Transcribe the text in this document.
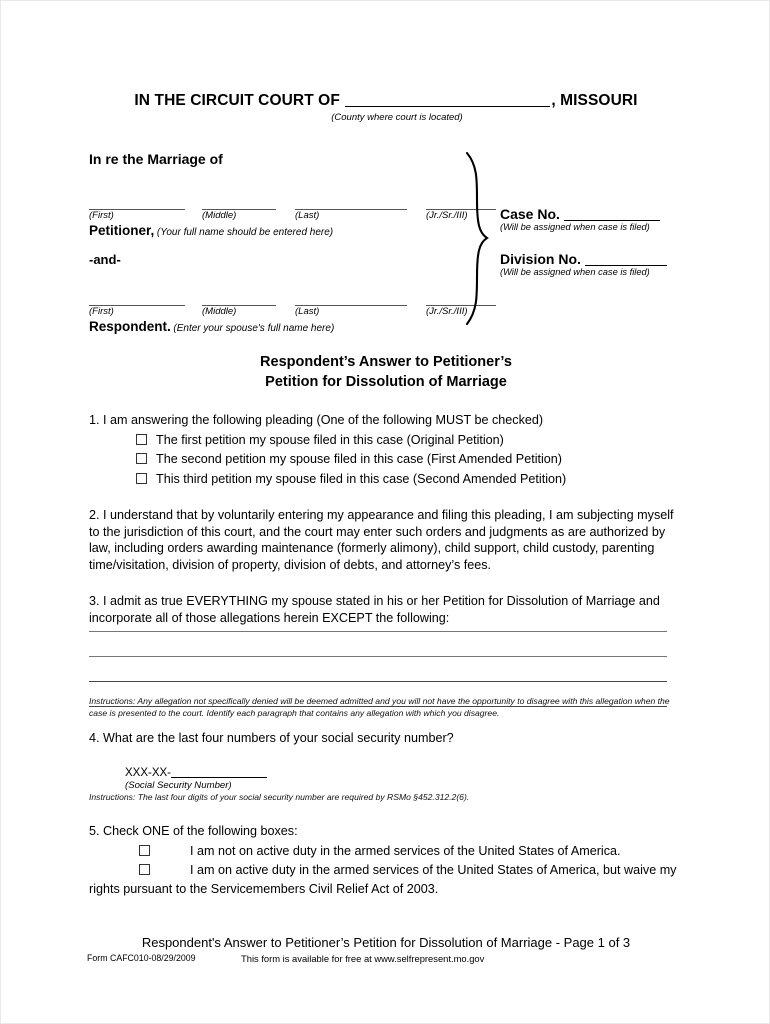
IN THE CIRCUIT COURT OF	, MISSOURI
(County where court is located)
In re the Marriage of
(First)	(Middle)	(Last)	(Jr./Sr./III)
Petitioner, (Your full name should be entered here)
-and-
(First)	(Middle)	(Last)	(Jr./Sr./III)
Respondent. (Enter your spouse's full name here)
Case No.
(Will be assigned when case is filed)
Division No.
(Will be assigned when case is filed)
Respondent’s Answer to Petitioner’s
Petition for Dissolution of Marriage
1. I am answering the following pleading (One of the following MUST be checked)
The first petition my spouse filed in this case (Original Petition)
The second petition my spouse filed in this case (First Amended Petition)
This third petition my spouse filed in this case (Second Amended Petition)
2. I understand that by voluntarily entering my appearance and filing this pleading, I am subjecting myself to the jurisdiction of this court, and the court may enter such orders and judgments as are authorized by law, including orders awarding maintenance (formerly alimony), child support, child custody, parenting time/visitation, division of property, division of debts, and attorney’s fees.
3. I admit as true EVERYTHING my spouse stated in his or her Petition for Dissolution of Marriage and incorporate all of those allegations herein EXCEPT the following:
Instructions: Any allegation not specifically denied will be deemed admitted and you will not have the opportunity to disagree with this allegation when the case is presented to the court. Identify each paragraph that contains any allegation with which you disagree.
4. What are the last four numbers of your social security number?
XXX-XX-
(Social Security Number)
Instructions: The last four digits of your social security number are required by RSMo §452.312.2(6).
5. Check ONE of the following boxes:
I am not on active duty in the armed services of the United States of America.
I am on active duty in the armed services of the United States of America, but waive my
rights pursuant to the Servicemembers Civil Relief Act of 2003.
Respondent's Answer to Petitioner’s Petition for Dissolution of Marriage - Page 1 of 3
Form CAFC010-08/29/2009	This form is available for free at www.selfrepresent.mo.gov
